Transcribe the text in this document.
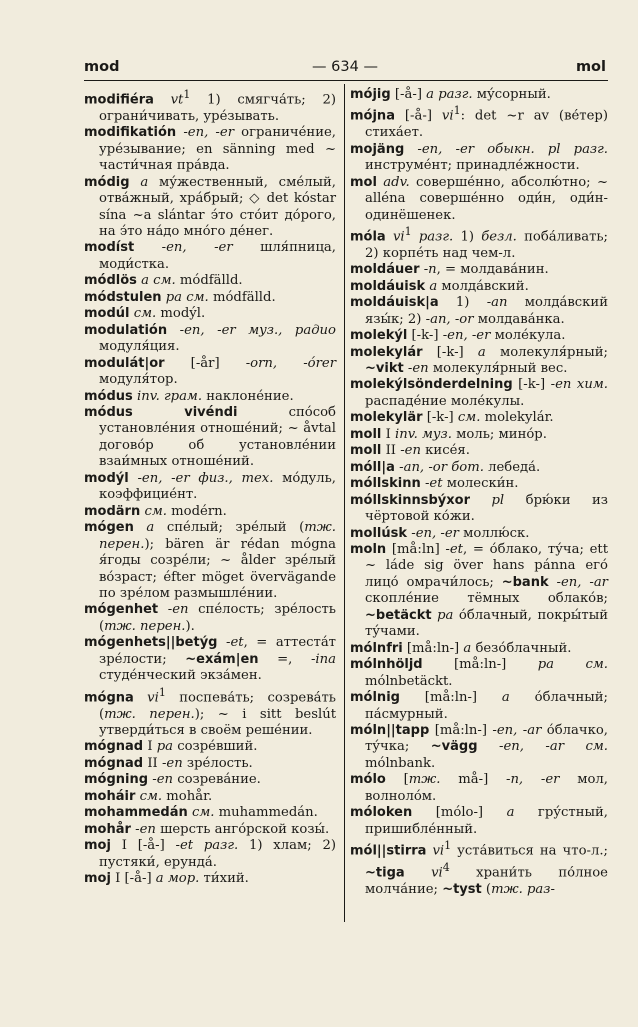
mod	— 634 —	mol
modifiéra $vt^1$ 1) смягча́ть; 2) ограни́чивать, уре́зывать.
modifikatión -en, -er ограниче́ние, уре́зывание; en sänning med ~ части́чная пра́вда.
módig a му́жественный, сме́лый, отва́жный, хра́брый; ◇ det kóstar sína ~a slántar э́то сто́ит до́рого, на э́то на́до мно́го де́нег.
modíst -en, -er шля́пница, моди́стка.
módlös a см. módfälld.
módstulen pa см. módfälld.
modúl см. modýl.
modulatión -en, -er муз., радио модуля́ция.
modulát|or [-år] -orn, -órer модуля́тор.
módus inv. грам. наклоне́ние.
módus vivéndi спо́соб установле́ния отноше́ний; ~ åvtal догово́р об установле́нии взаи́мных отноше́ний.
modýl -en, -er физ., тех. мо́дуль, коэффицие́нт.
modärn см. modérn.
mógen a спе́лый; зре́лый (тж. перен.); bären är rédan mógna я́годы созре́ли; ~ ålder зре́лый во́зраст; éfter möget övervägande по зре́лом размышле́нии.
mógenhet -en спе́лость; зре́лость (тж. перен.).
mógenhets||betýg -et, = аттеста́т зре́лости; ~exám|en =, -ina студе́нческий экза́мен.
mógna $vi^1$ поспева́ть; созрева́ть (тж. перен.); ~ i sitt beslút утверди́ться в своём реше́нии.
mógnad I pa созре́вший.
mógnad II -en зре́лость.
mógning -en созрева́ние.
moháir см. mohår.
mohammedán см. muhammedán.
mohår -en шерсть анго́рской козы́.
moj I [-å-] -et разг. 1) хлам; 2) пустяки́, ерунда́.
moj I [-å-] a мор. ти́хий.
mójig [-å-] a разг. му́сорный.
mójna [-å-] $vi^1$: det ~r av (ве́тер) стиха́ет.
mojäng -en, -er обыкн. pl разг. инструме́нт; принадле́жности.
mol adv. соверше́нно, абсолю́тно; ~ alléna соверше́нно оди́н, оди́н-одинёшенек.
móla $vi^1$ разг. 1) безл. поба́ливать; 2) корпе́ть над чем-л.
moldáuer -n, = молдава́нин.
moldáuisk a молда́вский.
moldáuisk|a 1) -an молда́вский язы́к; 2) -an, -or молдава́нка.
molekýl [-k-] -en, -er моле́кула.
molekylár [-k-] a молекуля́рный; ~vikt -en молекуля́рный вес.
molekýlsönderdelning [-k-] -en хим. распаде́ние моле́кулы.
molekylär [-k-] см. molekylár.
moll I inv. муз. моль; мино́р.
moll II -en кисе́я.
móll|a -an, -or бот. лебеда́.
móllskinn -et молески́н.
móllskinnsbýxor pl брю́ки из чёртовой ко́жи.
mollúsk -en, -er моллю́ск.
moln [må:ln] -et, = о́блако, ту́ча; ett ~ láde sig över hans pánna его́ лицо́ омрачи́лось; ~bank -en, -ar скопле́ние тёмных облако́в; ~betäckt pa о́блачный, покры́тый ту́чами.
mólnfri [må:ln-] a безо́блачный.
mólnhöljd [må:ln-] pa см. mólnbetäckt.
mólnig [må:ln-] a о́блачный; па́смурный.
móln||tapp [må:ln-] -en, -ar о́блачко, ту́чка; ~vägg -en, -ar см. mólnbank.
mólo [тж. må-] -n, -er мол, волноло́м.
móloken [mólo-] a гру́стный, пришибле́нный.
mól||stirra $vi^1$ уста́виться на что-л.; ~tiga $vi^4$ храни́ть по́лное молча́ние; ~tyst (тж. раз-
